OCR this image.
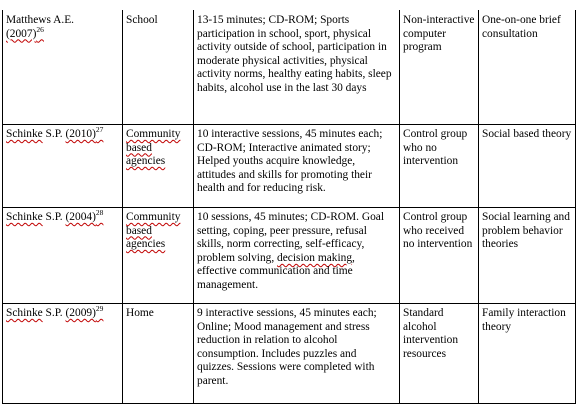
Matthews A.E.
(2007)$^{26}$	School	13-15 minutes; CD-ROM; Sports participation in school, sport, physical activity outside of school, participation in moderate physical activities, physical activity norms, healthy eating habits, sleep habits, alcohol use in the last 30 days	Non-interactive computer program	One-on-one brief consultation
Schinke S.P. (2010)$^{27}$	Community based agencies	10 interactive sessions, 45 minutes each; CD-ROM; Interactive animated story; Helped youths acquire knowledge, attitudes and skills for promoting their health and for reducing risk.	Control group who no intervention	Social based theory
Schinke S.P. (2004)$^{28}$	Community based agencies	10 sessions, 45 minutes; CD-ROM. Goal setting, coping, peer pressure, refusal skills, norm correcting, self-efficacy, problem solving, decision making, effective communication and time management.	Control group who received no intervention	Social learning and problem behavior theories
Schinke S.P. (2009)$^{29}$	Home	9 interactive sessions, 45 minutes each; Online; Mood management and stress reduction in relation to alcohol consumption. Includes puzzles and quizzes. Sessions were completed with parent.	Standard alcohol intervention resources	Family interaction theory
